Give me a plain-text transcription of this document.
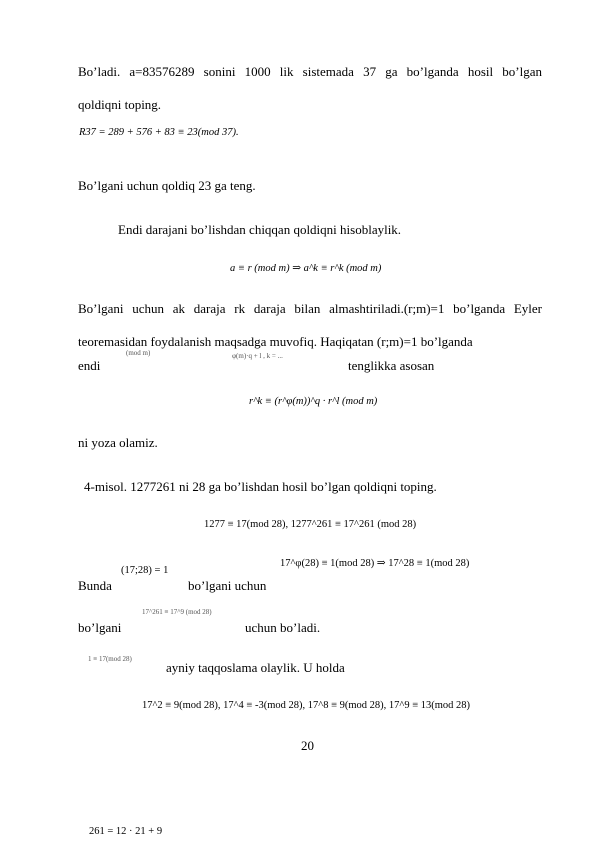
Bo’ladi. a=83576289 sonini 1000 lik sistemada 37 ga bo’lganda hosil bo’lgan
qoldiqni toping.
R37 = 289 + 576 + 83 ≡ 23(mod 37).
Bo’lgani uchun qoldiq 23 ga teng.
Endi darajani bo’lishdan chiqqan qoldiqni hisoblaylik.
a ≡ r (mod m) ⇒ a^k ≡ r^k (mod m)
Bo’lgani uchun ak daraja rk daraja bilan almashtiriladi.(r;m)=1 bo’lganda Eyler
teoremasidan foydalanish maqsadga muvofiq. Haqiqatan (r;m)=1 bo’lganda
φ(m)·q + l , k = ...
endi
(mod m)
tenglikka asosan
r^k ≡ (r^φ(m))^q · r^l (mod m)
ni yoza olamiz.
4-misol. 1277261 ni 28 ga bo’lishdan hosil bo’lgan qoldiqni toping.
1277 ≡ 17(mod 28), 1277^261 ≡ 17^261 (mod 28)
17^φ(28) ≡ 1(mod 28) ⇒ 17^28 ≡ 1(mod 28)
Bunda
(17;28) = 1
bo’lgani uchun
bo’lgani
17^261 ≡ 17^9 (mod 28)
uchun bo’ladi.
1 ≡ 17(mod 28)
ayniy taqqoslama olaylik. U holda
17^2 ≡ 9(mod 28), 17^4 ≡ -3(mod 28), 17^8 ≡ 9(mod 28), 17^9 ≡ 13(mod 28)
20
261 = 12 · 21 + 9
